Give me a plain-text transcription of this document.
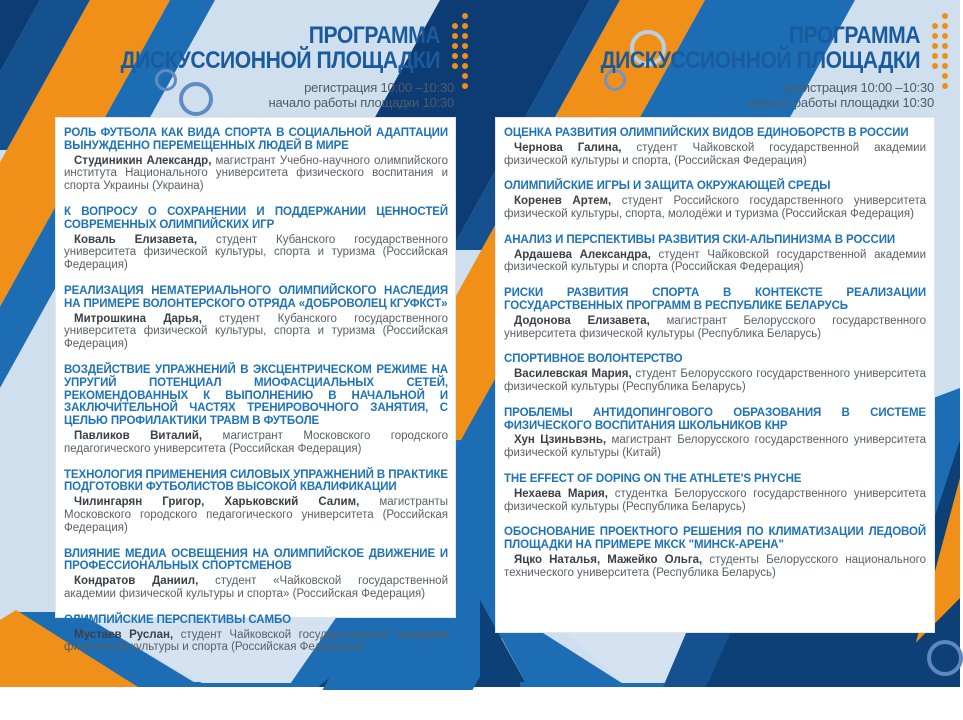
ПРОГРАММА
ДИСКУССИОННОЙ ПЛОЩАДКИ
регистрация 10:00 –10:30
начало работы площадки 10:30

РОЛЬ ФУТБОЛА КАК ВИДА СПОРТА В СОЦИАЛЬНОЙ АДАПТАЦИИ ВЫНУЖДЕННО ПЕРЕМЕЩЕННЫХ ЛЮДЕЙ В МИРЕ

Студиникин Александр, магистрант Учебно-научного олимпийского института Национального университета физического воспитания и спорта Украины (Украина)

К ВОПРОСУ О СОХРАНЕНИИ И ПОДДЕРЖАНИИ ЦЕННОСТЕЙ СОВРЕМЕННЫХ ОЛИМПИЙСКИХ ИГР

Коваль Елизавета, студент Кубанского государственного университета физической культуры, спорта и туризма (Российская Федерация)

РЕАЛИЗАЦИЯ НЕМАТЕРИАЛЬНОГО ОЛИМПИЙСКОГО НАСЛЕДИЯ НА ПРИМЕРЕ ВОЛОНТЕРСКОГО ОТРЯДА «ДОБРОВОЛЕЦ КГУФКСТ»

Митрошкина Дарья, студент Кубанского государственного университета физической культуры, спорта и туризма (Российская Федерация)

ВОЗДЕЙСТВИЕ УПРАЖНЕНИЙ В ЭКСЦЕНТРИЧЕСКОМ РЕЖИМЕ НА УПРУГИЙ ПОТЕНЦИАЛ МИОФАСЦИАЛЬНЫХ СЕТЕЙ, РЕКОМЕНДОВАННЫХ К ВЫПОЛНЕНИЮ В НАЧАЛЬНОЙ И ЗАКЛЮЧИТЕЛЬНОЙ ЧАСТЯХ ТРЕНИРОВОЧНОГО ЗАНЯТИЯ, С ЦЕЛЬЮ ПРОФИЛАКТИКИ ТРАВМ В ФУТБОЛЕ

Павликов Виталий, магистрант Московского городского педагогического университета (Российская Федерация)

ТЕХНОЛОГИЯ ПРИМЕНЕНИЯ СИЛОВЫХ УПРАЖНЕНИЙ В ПРАКТИКЕ ПОДГОТОВКИ ФУТБОЛИСТОВ ВЫСОКОЙ КВАЛИФИКАЦИИ

Чилингарян Григор, Харьковский Салим, магистранты Московского городского педагогического университета (Российская Федерация)

ВЛИЯНИЕ МЕДИА ОСВЕЩЕНИЯ НА ОЛИМПИЙСКОЕ ДВИЖЕНИЕ И ПРОФЕССИОНАЛЬНЫХ СПОРТСМЕНОВ

Кондратов Даниил, студент «Чайковской государственной академии физической культуры и спорта» (Российская Федерация)

ОЛИМПИЙСКИЕ ПЕРСПЕКТИВЫ САМБО

Мустаев Руслан, студент Чайковской государственной академии физической культуры и спорта (Российская Федерация)

ПРОГРАММА
ДИСКУССИОННОЙ ПЛОЩАДКИ
регистрация 10:00 –10:30
начало работы площадки 10:30

ОЦЕНКА РАЗВИТИЯ ОЛИМПИЙСКИХ ВИДОВ ЕДИНОБОРСТВ В РОССИИ

Чернова Галина, студент Чайковской государственной академии физической культуры и спорта, (Российская Федерация)

ОЛИМПИЙСКИЕ ИГРЫ И ЗАЩИТА ОКРУЖАЮЩЕЙ СРЕДЫ

Коренев Артем, студент Российского государственного университета физической культуры, спорта, молодёжи и туризма (Российская Федерация)

АНАЛИЗ И ПЕРСПЕКТИВЫ РАЗВИТИЯ СКИ-АЛЬПИНИЗМА В РОССИИ

Ардашева Александра, студент Чайковской государственной академии физической культуры и спорта (Российская Федерация)

РИСКИ РАЗВИТИЯ СПОРТА В КОНТЕКСТЕ РЕАЛИЗАЦИИ ГОСУДАРСТВЕННЫХ ПРОГРАММ В РЕСПУБЛИКЕ БЕЛАРУСЬ

Додонова Елизавета, магистрант Белорусского государственного университета физической культуры (Республика Беларусь)

СПОРТИВНОЕ ВОЛОНТЕРСТВО

Василевская Мария, студент Белорусского государственного университета физической культуры (Республика Беларусь)

ПРОБЛЕМЫ АНТИДОПИНГОВОГО ОБРАЗОВАНИЯ В СИСТЕМЕ ФИЗИЧЕСКОГО ВОСПИТАНИЯ ШКОЛЬНИКОВ КНР

Хун Цзиньвэнь, магистрант Белорусского государственного университета физической культуры (Китай)

THE EFFECT OF DOPING ON THE ATHLETE'S PHYCHE

Нехаева Мария, студентка Белорусского государственного университета физической культуры (Республика Беларусь)

ОБОСНОВАНИЕ ПРОЕКТНОГО РЕШЕНИЯ ПО КЛИМАТИЗАЦИИ ЛЕДОВОЙ ПЛОЩАДКИ НА ПРИМЕРЕ МКСК "МИНСК-АРЕНА"

Яцко Наталья, Мажейко Ольга, студенты Белорусского национального технического университета (Республика Беларусь)
